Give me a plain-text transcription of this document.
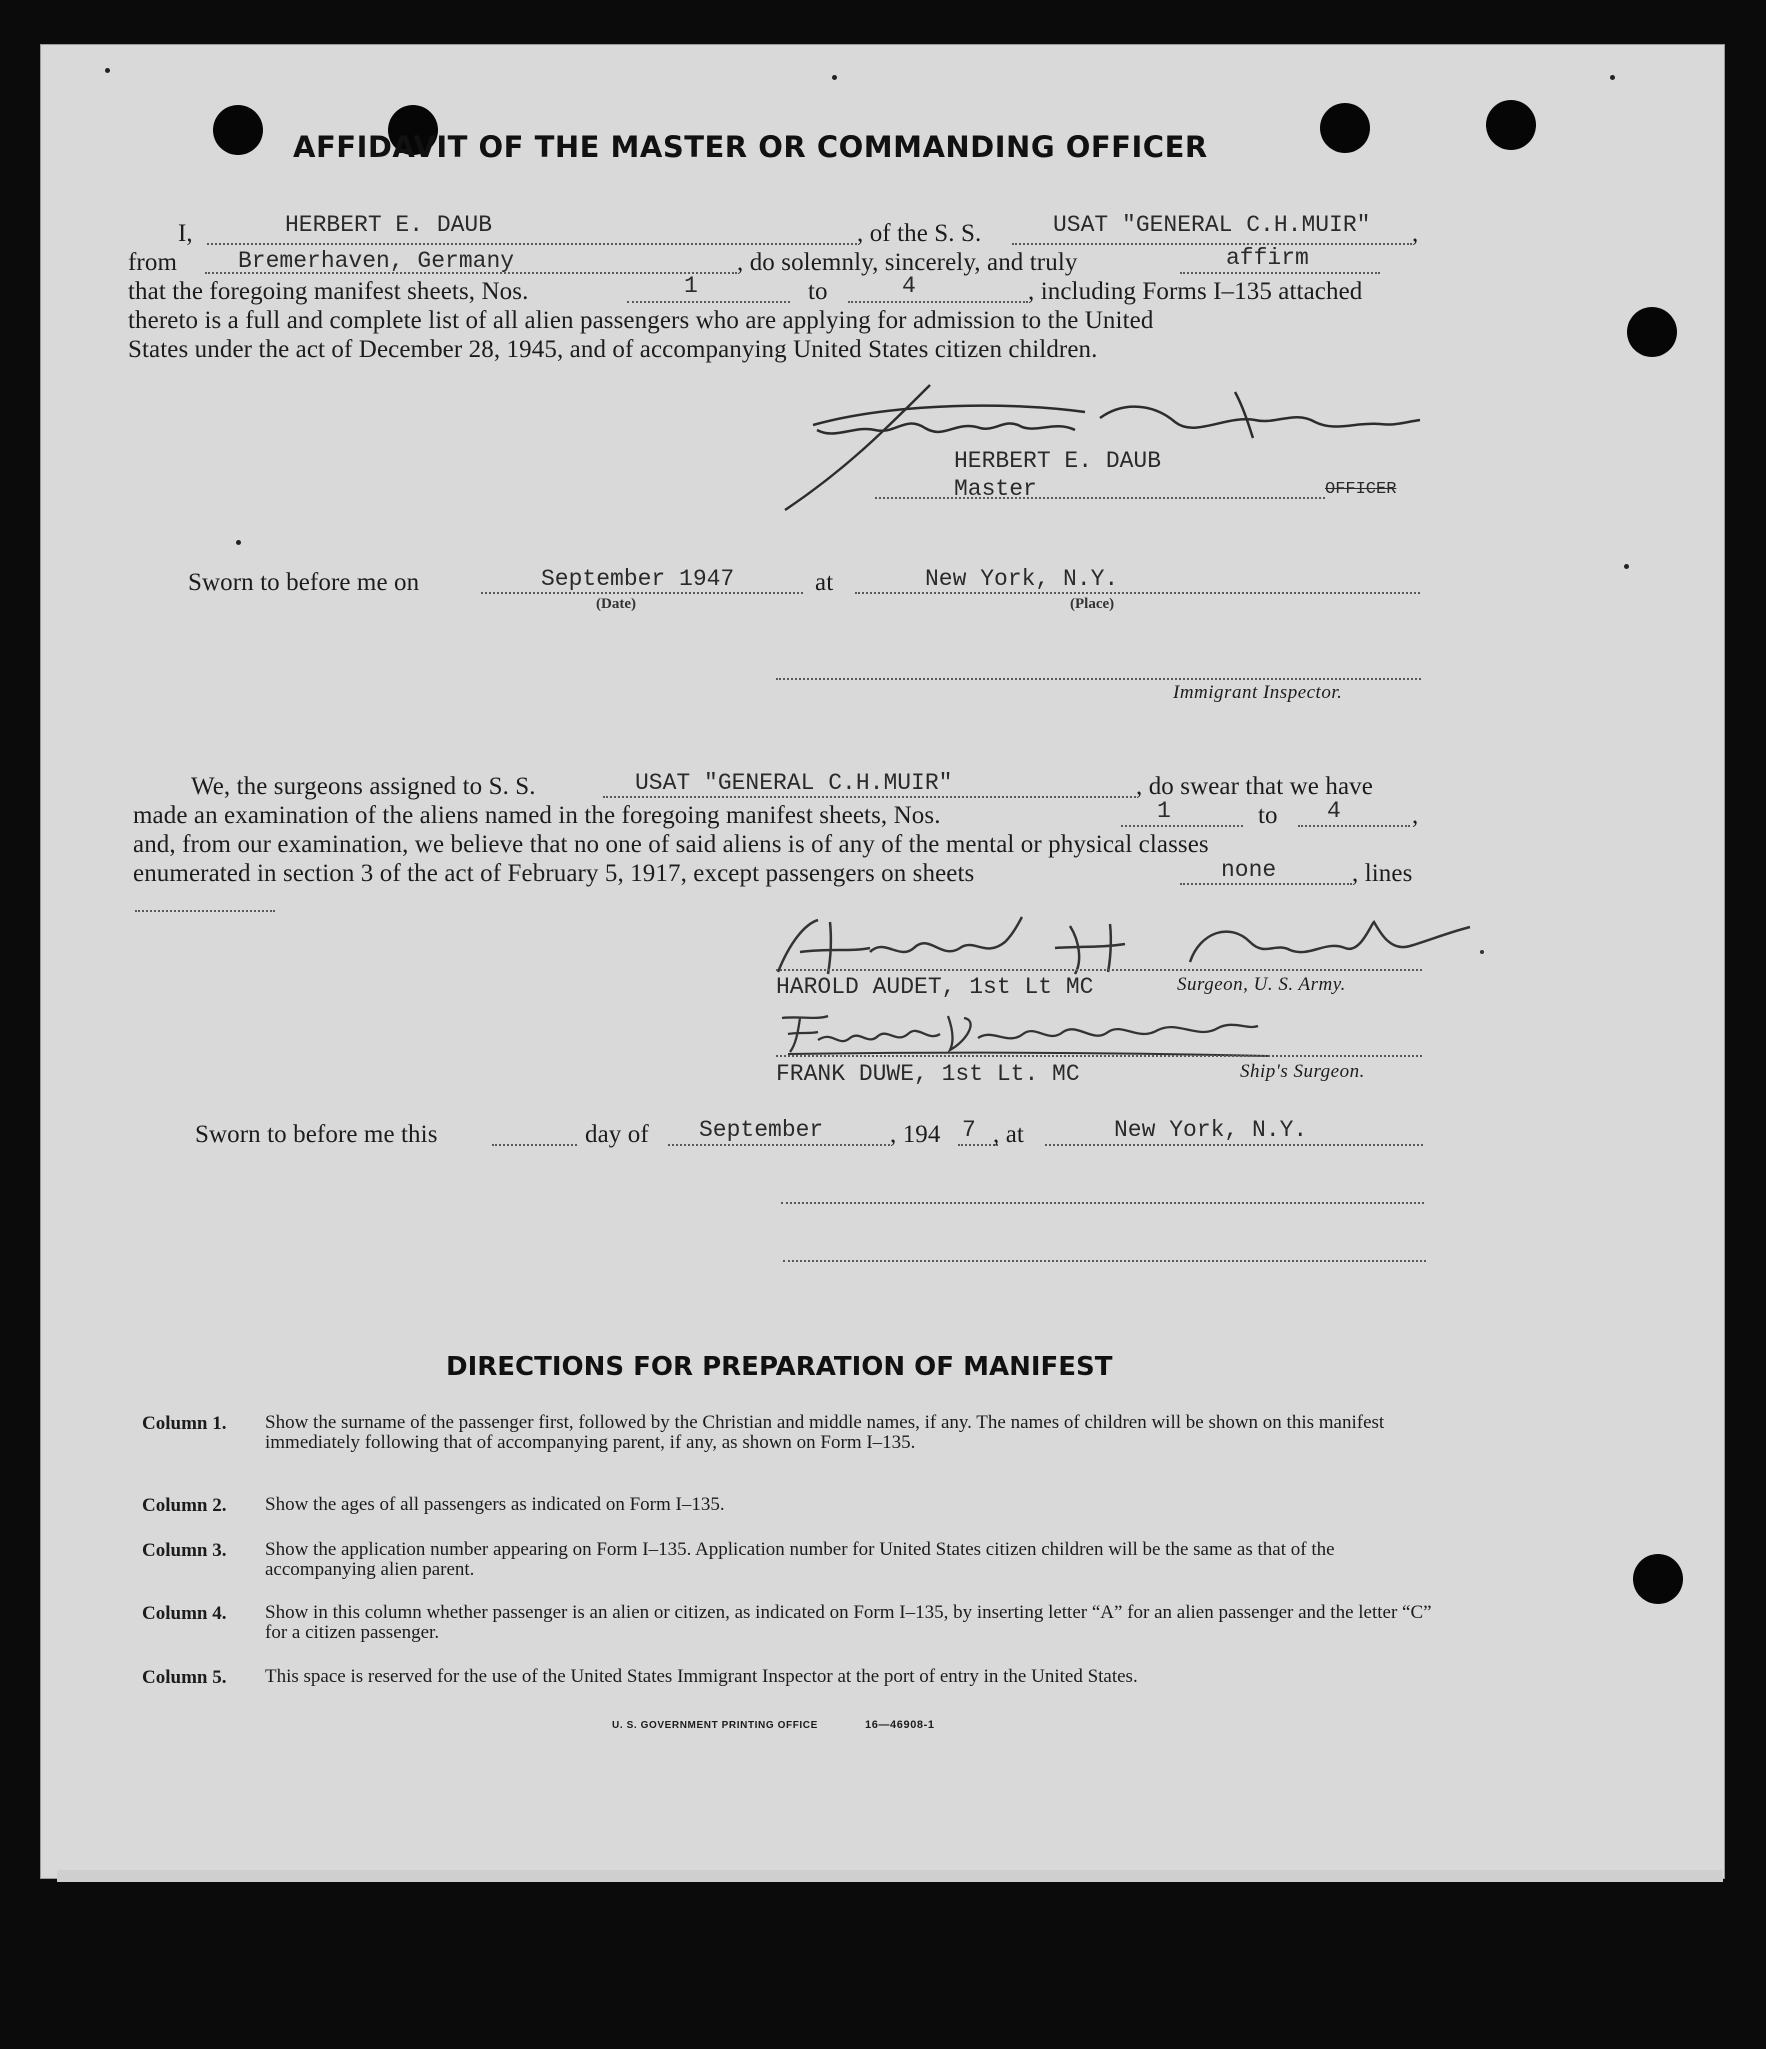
AFFIDAVIT OF THE MASTER OR COMMANDING OFFICER
I,	HERBERT E. DAUB	, of the S. S.	USAT "GENERAL C.H.MUIR" ,
from	Bremerhaven, Germany	, do solemnly, sincerely, and truly	affirm
that the foregoing manifest sheets, Nos.	1	to	4	, including Forms I–135 attached
thereto is a full and complete list of all alien passengers who are applying for admission to the United
States under the act of December 28, 1945, and of accompanying United States citizen children.
HERBERT E. DAUB
Master	OFFICER
Sworn to before me on	September 1947	at	New York, N.Y.
(Date)	(Place)
Immigrant Inspector.
We, the surgeons assigned to S. S.	USAT "GENERAL C.H.MUIR"	, do swear that we have
made an examination of the aliens named in the foregoing manifest sheets, Nos.	1	to 4	,
and, from our examination, we believe that no one of said aliens is of any of the mental or physical classes
enumerated in section 3 of the act of February 5, 1917, except passengers on sheets	none	, lines
HAROLD AUDET, 1st Lt MC	Surgeon, U. S. Army.
FRANK DUWE, 1st Lt. MC	Ship's Surgeon.
Sworn to before me this	day of September	, 194 7 , at	New York, N.Y.
DIRECTIONS FOR PREPARATION OF MANIFEST
Column 1. Show the surname of the passenger first, followed by the Christian and middle names, if any. The names of children will be shown on this manifest immediately following that of accompanying parent, if any, as shown on Form I–135.
Column 2. Show the ages of all passengers as indicated on Form I–135.
Column 3. Show the application number appearing on Form I–135. Application number for United States citizen children will be the same as that of the accompanying alien parent.
Column 4. Show in this column whether passenger is an alien or citizen, as indicated on Form I–135, by inserting letter “A” for an alien passenger and the letter “C” for a citizen passenger.
Column 5. This space is reserved for the use of the United States Immigrant Inspector at the port of entry in the United States.
U. S. GOVERNMENT PRINTING OFFICE	16—46908-1
